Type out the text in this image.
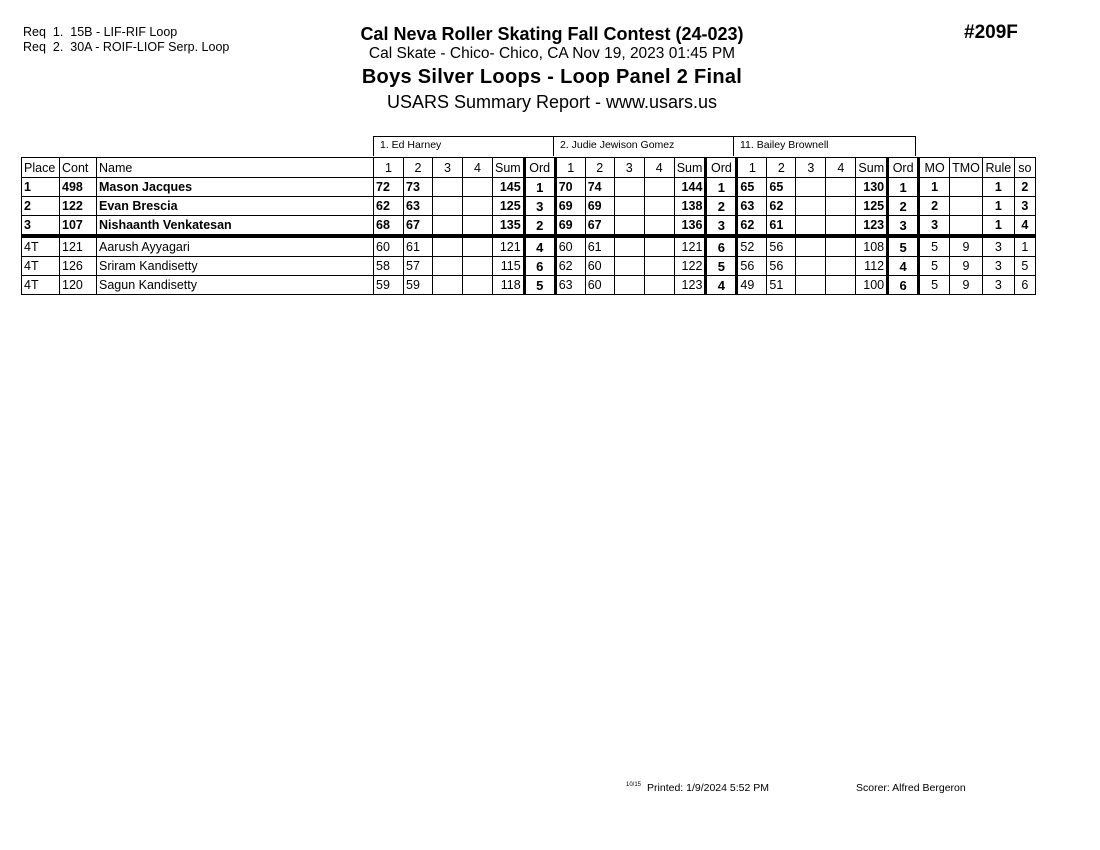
Req  1.  15B - LIF-RIF Loop
Req  2.  30A - ROIF-LIOF Serp. Loop
Cal Neva Roller Skating Fall Contest (24-023)
Cal Skate - Chico- Chico, CA Nov 19, 2023 01:45 PM
Boys Silver Loops - Loop Panel 2 Final
USARS Summary Report - www.usars.us
#209F
1. Ed Harney	2. Judie Jewison Gomez	11. Bailey Brownell
Place	Cont	Name	1	2	3	4	Sum	Ord	1	2	3	4	Sum	Ord	1	2	3	4	Sum	Ord	MO	TMO	Rule	so
1	498	Mason Jacques	72	73			145	1	70	74			144	1	65	65			130	1	1		1	2
2	122	Evan Brescia	62	63			125	3	69	69			138	2	63	62			125	2	2		1	3
3	107	Nishaanth Venkatesan	68	67			135	2	69	67			136	3	62	61			123	3	3		1	4
4T	121	Aarush Ayyagari	60	61			121	4	60	61			121	6	52	56			108	5	5	9	3	1
4T	126	Sriram Kandisetty	58	57			115	6	62	60			122	5	56	56			112	4	5	9	3	5
4T	120	Sagun Kandisetty	59	59			118	5	63	60			123	4	49	51			100	6	5	9	3	6
$^{10/15}$ Printed: 1/9/2024 5:52 PM	Scorer: Alfred Bergeron
